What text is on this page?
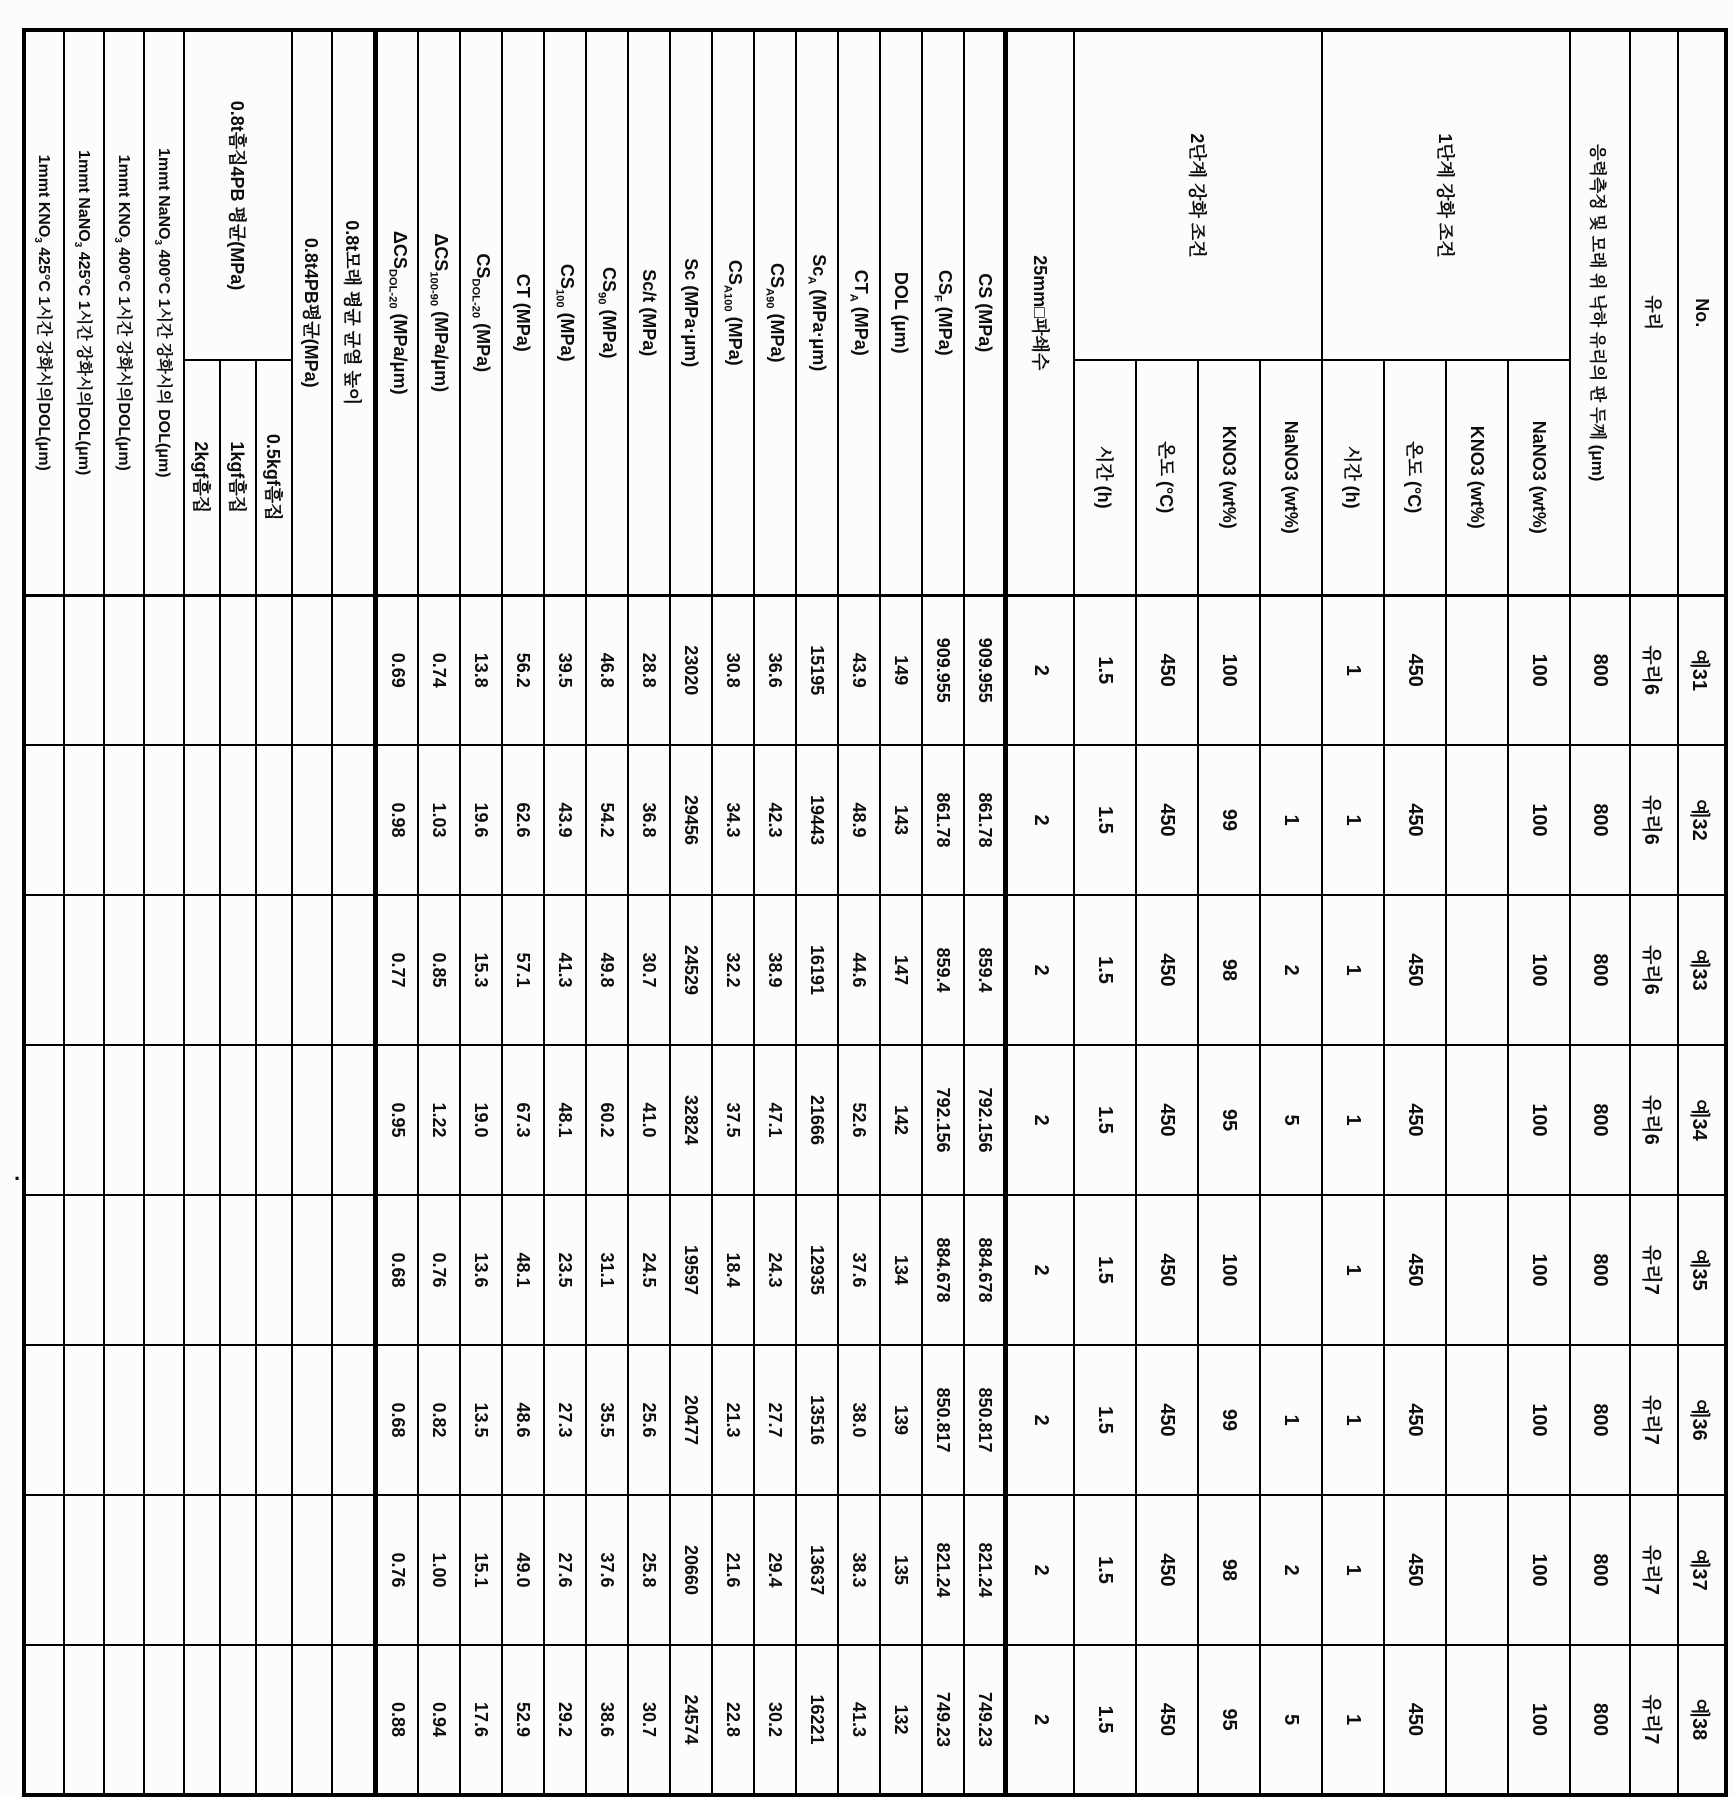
No.		예31	예32	예33	예34	예35	예36	예37	예38
유리		유리6	유리6	유리6	유리6	유리7	유리7	유리7	유리7
응력측정 및 모래 위 낙하 유리의 판 두께 (μm)		800	800	800	800	800	800	800	800
1단계 강화 조건	NaNO3 (wt%)	100	100	100	100	100	100	100	100
	KNO3 (wt%)								
	온도 (°C)	450	450	450	450	450	450	450	450
	시간 (h)	1	1	1	1	1	1	1	1
2단계 강화 조건	NaNO3 (wt%)		1	2	5		1	2	5
	KNO3 (wt%)	100	99	98	95	100	99	98	95
	온도 (°C)	450	450	450	450	450	450	450	450
	시간 (h)	1.5	1.5	1.5	1.5	1.5	1.5	1.5	1.5
25mm□파쇄수		2	2	2	2	2	2	2	2
CS (MPa)		909.955	861.78	859.4	792.156	884.678	850.817	821.24	749.23
$CS_F$ (MPa)		909.955	861.78	859.4	792.156	884.678	850.817	821.24	749.23
DOL (μm)		149	143	147	142	134	139	135	132
$CT_A$ (MPa)		43.9	48.9	44.6	52.6	37.6	38.0	38.3	41.3
$Sc_A$ (MPa·μm)		15195	19443	16191	21666	12935	13516	13637	16221
$CS_{A90}$ (MPa)		36.6	42.3	38.9	47.1	24.3	27.7	29.4	30.2
$CS_{A100}$ (MPa)		30.8	34.3	32.2	37.5	18.4	21.3	21.6	22.8
Sc (MPa·μm)		23020	29456	24529	32824	19597	20477	20660	24574
Sc/t (MPa)		28.8	36.8	30.7	41.0	24.5	25.6	25.8	30.7
$CS_{90}$ (MPa)		46.8	54.2	49.8	60.2	31.1	35.5	37.6	38.6
$CS_{100}$ (MPa)		39.5	43.9	41.3	48.1	23.5	27.3	27.6	29.2
CT (MPa)		56.2	62.6	57.1	67.3	48.1	48.6	49.0	52.9
$CS_{DOL-20}$ (MPa)		13.8	19.6	15.3	19.0	13.6	13.5	15.1	17.6
$\Delta CS_{100-90}$ (MPa/μm)		0.74	1.03	0.85	1.22	0.76	0.82	1.00	0.94
$\Delta CS_{DOL-20}$ (MPa/μm)		0.69	0.98	0.77	0.95	0.68	0.68	0.76	0.88
0.8t모래 평균 균열 높이									
0.8t4PB평균(MPa)									
0.8t흠집4PB 평균(MPa)	0.5kgf흠집								
	1kgf흠집								
	2kgf흠집								
1mmt NaNO$_3$ 400°C 1시간 강화시의 DOL(μm)									
1mmt $KNO_3$ 400°C 1시간 강화시의DOL(μm)									
1mmt NaNO$_3$ 425°C 1시간 강화시의DOL(μm)									
1mmt $KNO_3$ 425°C 1시간 강화시의DOL(μm)									
.
